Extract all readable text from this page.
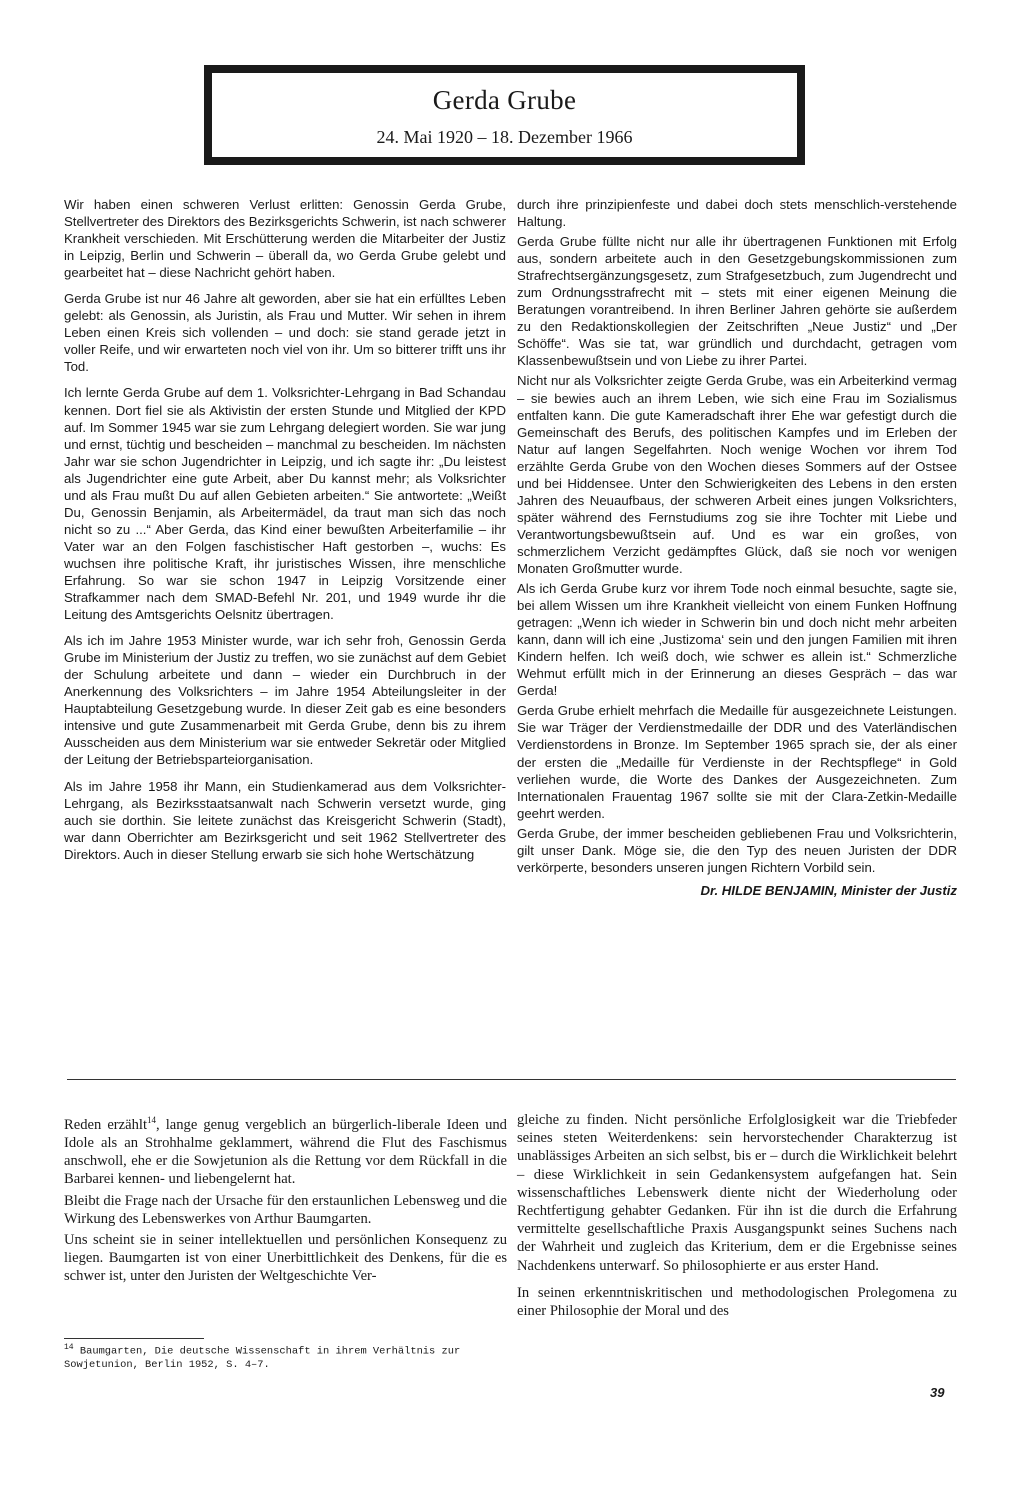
Gerda Grube
24. Mai 1920 – 18. Dezember 1966

Wir haben einen schweren Verlust erlitten: Genossin Gerda Grube, Stellvertreter des Direktors des Bezirksgerichts Schwerin, ist nach schwerer Krankheit verschieden. Mit Erschütterung werden die Mitarbeiter der Justiz in Leipzig, Berlin und Schwerin – überall da, wo Gerda Grube gelebt und gearbeitet hat – diese Nachricht gehört haben.

Gerda Grube ist nur 46 Jahre alt geworden, aber sie hat ein erfülltes Leben gelebt: als Genossin, als Juristin, als Frau und Mutter. Wir sehen in ihrem Leben einen Kreis sich vollenden – und doch: sie stand gerade jetzt in voller Reife, und wir erwarteten noch viel von ihr. Um so bitterer trifft uns ihr Tod.

Ich lernte Gerda Grube auf dem 1. Volksrichter-Lehrgang in Bad Schandau kennen. Dort fiel sie als Aktivistin der ersten Stunde und Mitglied der KPD auf. Im Sommer 1945 war sie zum Lehrgang delegiert worden. Sie war jung und ernst, tüchtig und bescheiden – manchmal zu bescheiden. Im nächsten Jahr war sie schon Jugendrichter in Leipzig, und ich sagte ihr: „Du leistest als Jugendrichter eine gute Arbeit, aber Du kannst mehr; als Volksrichter und als Frau mußt Du auf allen Gebieten arbeiten.“ Sie antwortete: „Weißt Du, Genossin Benjamin, als Arbeitermädel, da traut man sich das noch nicht so zu ...“ Aber Gerda, das Kind einer bewußten Arbeiterfamilie – ihr Vater war an den Folgen faschistischer Haft gestorben –, wuchs: Es wuchsen ihre politische Kraft, ihr juristisches Wissen, ihre menschliche Erfahrung. So war sie schon 1947 in Leipzig Vorsitzende einer Strafkammer nach dem SMAD-Befehl Nr. 201, und 1949 wurde ihr die Leitung des Amtsgerichts Oelsnitz übertragen.

Als ich im Jahre 1953 Minister wurde, war ich sehr froh, Genossin Gerda Grube im Ministerium der Justiz zu treffen, wo sie zunächst auf dem Gebiet der Schulung arbeitete und dann – wieder ein Durchbruch in der Anerkennung des Volksrichters – im Jahre 1954 Abteilungsleiter in der Hauptabteilung Gesetzgebung wurde. In dieser Zeit gab es eine besonders intensive und gute Zusammenarbeit mit Gerda Grube, denn bis zu ihrem Ausscheiden aus dem Ministerium war sie entweder Sekretär oder Mitglied der Leitung der Betriebsparteiorganisation.

Als im Jahre 1958 ihr Mann, ein Studienkamerad aus dem Volksrichter-Lehrgang, als Bezirksstaatsanwalt nach Schwerin versetzt wurde, ging auch sie dorthin. Sie leitete zunächst das Kreisgericht Schwerin (Stadt), war dann Oberrichter am Bezirksgericht und seit 1962 Stellvertreter des Direktors. Auch in dieser Stellung erwarb sie sich hohe Wertschätzung

durch ihre prinzipienfeste und dabei doch stets menschlich-verstehende Haltung.

Gerda Grube füllte nicht nur alle ihr übertragenen Funktionen mit Erfolg aus, sondern arbeitete auch in den Gesetzgebungskommissionen zum Strafrechtsergänzungsgesetz, zum Strafgesetzbuch, zum Jugendrecht und zum Ordnungsstrafrecht mit – stets mit einer eigenen Meinung die Beratungen vorantreibend. In ihren Berliner Jahren gehörte sie außerdem zu den Redaktionskollegien der Zeitschriften „Neue Justiz“ und „Der Schöffe“. Was sie tat, war gründlich und durchdacht, getragen vom Klassenbewußtsein und von Liebe zu ihrer Partei.

Nicht nur als Volksrichter zeigte Gerda Grube, was ein Arbeiterkind vermag – sie bewies auch an ihrem Leben, wie sich eine Frau im Sozialismus entfalten kann. Die gute Kameradschaft ihrer Ehe war gefestigt durch die Gemeinschaft des Berufs, des politischen Kampfes und im Erleben der Natur auf langen Segelfahrten. Noch wenige Wochen vor ihrem Tod erzählte Gerda Grube von den Wochen dieses Sommers auf der Ostsee und bei Hiddensee. Unter den Schwierigkeiten des Lebens in den ersten Jahren des Neuaufbaus, der schweren Arbeit eines jungen Volksrichters, später während des Fernstudiums zog sie ihre Tochter mit Liebe und Verantwortungsbewußtsein auf. Und es war ein großes, von schmerzlichem Verzicht gedämpftes Glück, daß sie noch vor wenigen Monaten Großmutter wurde.

Als ich Gerda Grube kurz vor ihrem Tode noch einmal besuchte, sagte sie, bei allem Wissen um ihre Krankheit vielleicht von einem Funken Hoffnung getragen: „Wenn ich wieder in Schwerin bin und doch nicht mehr arbeiten kann, dann will ich eine ‚Justizoma‘ sein und den jungen Familien mit ihren Kindern helfen. Ich weiß doch, wie schwer es allein ist.“ Schmerzliche Wehmut erfüllt mich in der Erinnerung an dieses Gespräch – das war Gerda!

Gerda Grube erhielt mehrfach die Medaille für ausgezeichnete Leistungen. Sie war Träger der Verdienstmedaille der DDR und des Vaterländischen Verdienstordens in Bronze. Im September 1965 sprach sie, der als einer der ersten die „Medaille für Verdienste in der Rechtspflege“ in Gold verliehen wurde, die Worte des Dankes der Ausgezeichneten. Zum Internationalen Frauentag 1967 sollte sie mit der Clara-Zetkin-Medaille geehrt werden.

Gerda Grube, der immer bescheiden gebliebenen Frau und Volksrichterin, gilt unser Dank. Möge sie, die den Typ des neuen Juristen der DDR verkörperte, besonders unseren jungen Richtern Vorbild sein.

Dr. HILDE BENJAMIN, Minister der Justiz

Reden erzählt$^{14}$, lange genug vergeblich an bürgerlich-liberale Ideen und Idole als an Strohhalme geklammert, während die Flut des Faschismus anschwoll, ehe er die Sowjetunion als die Rettung vor dem Rückfall in die Barbarei kennen- und liebengelernt hat.

Bleibt die Frage nach der Ursache für den erstaunlichen Lebensweg und die Wirkung des Lebenswerkes von Arthur Baumgarten.

Uns scheint sie in seiner intellektuellen und persönlichen Konsequenz zu liegen. Baumgarten ist von einer Unerbittlichkeit des Denkens, für die es schwer ist, unter den Juristen der Weltgeschichte Ver-

$^{14}$ Baumgarten, Die deutsche Wissenschaft in ihrem Verhältnis zur Sowjetunion, Berlin 1952, S. 4–7.

gleiche zu finden. Nicht persönliche Erfolglosigkeit war die Triebfeder seines steten Weiterdenkens: sein hervorstechender Charakterzug ist unablässiges Arbeiten an sich selbst, bis er – durch die Wirklichkeit belehrt – diese Wirklichkeit in sein Gedankensystem aufgefangen hat. Sein wissenschaftliches Lebenswerk diente nicht der Wiederholung oder Rechtfertigung gehabter Gedanken. Für ihn ist die durch die Erfahrung vermittelte gesellschaftliche Praxis Ausgangspunkt seines Suchens nach der Wahrheit und zugleich das Kriterium, dem er die Ergebnisse seines Nachdenkens unterwarf. So philosophierte er aus erster Hand.

In seinen erkenntniskritischen und methodologischen Prolegomena zu einer Philosophie der Moral und des

39
